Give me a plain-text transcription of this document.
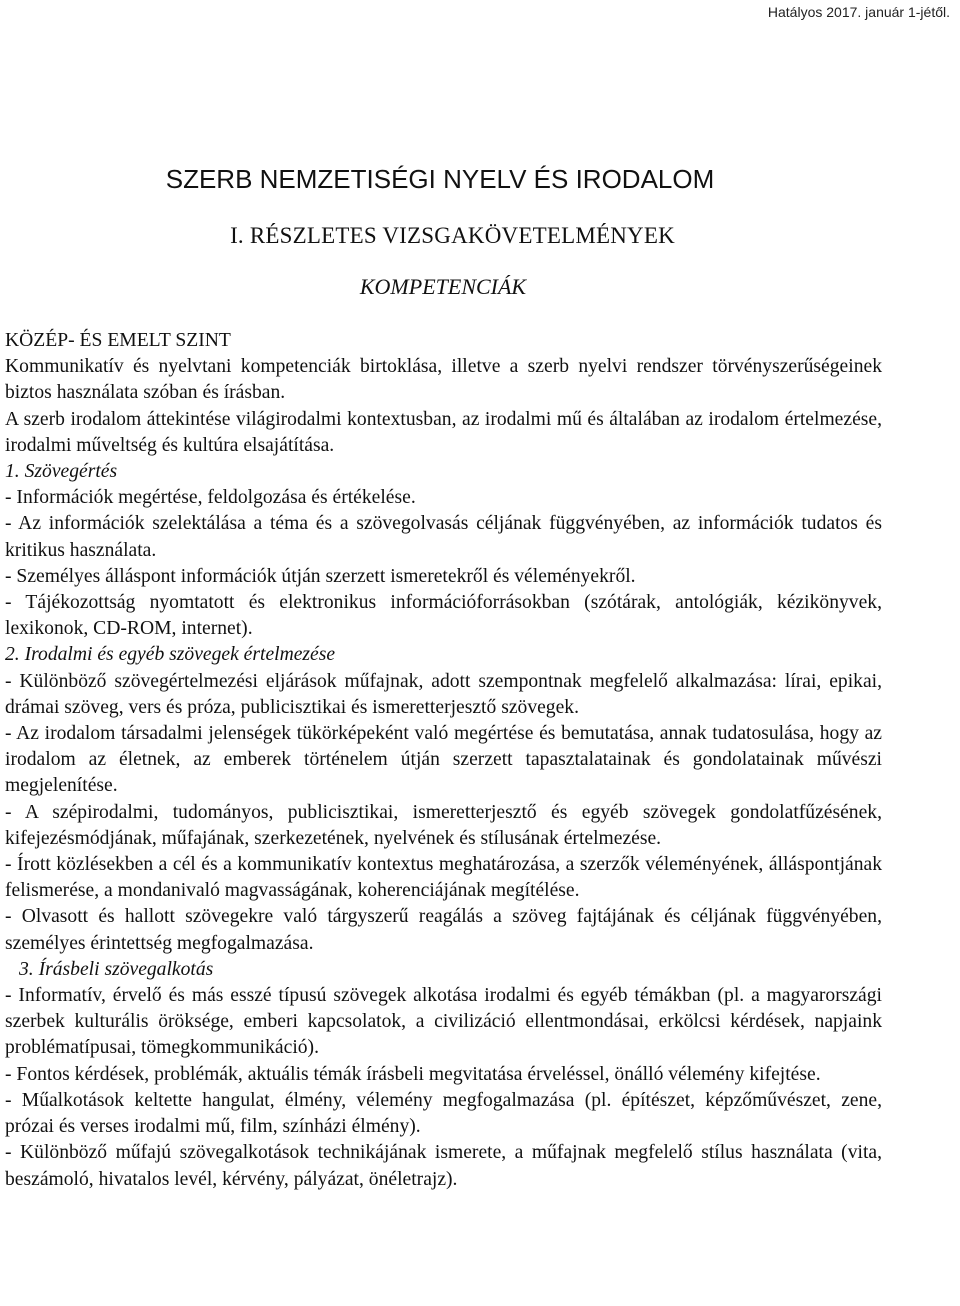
Hatályos 2017. január 1-jétől.
SZERB NEMZETISÉGI NYELV ÉS IRODALOM
I. RÉSZLETES VIZSGAKÖVETELMÉNYEK
KOMPETENCIÁK
KÖZÉP- ÉS EMELT SZINT

Kommunikatív és nyelvtani kompetenciák birtoklása, illetve a szerb nyelvi rendszer törvényszerűségeinek biztos használata szóban és írásban.

A szerb irodalom áttekintése világirodalmi kontextusban, az irodalmi mű és általában az irodalom értelmezése, irodalmi műveltség és kultúra elsajátítása.

1. Szövegértés

- Információk megértése, feldolgozása és értékelése.

- Az információk szelektálása a téma és a szövegolvasás céljának függvényében, az információk tudatos és kritikus használata.

- Személyes álláspont információk útján szerzett ismeretekről és véleményekről.

- Tájékozottság nyomtatott és elektronikus információforrásokban (szótárak, antológiák, kézikönyvek, lexikonok, CD-ROM, internet).

2. Irodalmi és egyéb szövegek értelmezése

- Különböző szövegértelmezési eljárások műfajnak, adott szempontnak megfelelő alkalmazása: lírai, epikai, drámai szöveg, vers és próza, publicisztikai és ismeretterjesztő szövegek.

- Az irodalom társadalmi jelenségek tükörképeként való megértése és bemutatása, annak tudatosulása, hogy az irodalom az életnek, az emberek történelem útján szerzett tapasztalatainak és gondolatainak művészi megjelenítése.

- A szépirodalmi, tudományos, publicisztikai, ismeretterjesztő és egyéb szövegek gondolatfűzésének, kifejezésmódjának, műfajának, szerkezetének, nyelvének és stílusának értelmezése.

- Írott közlésekben a cél és a kommunikatív kontextus meghatározása, a szerzők véleményének, álláspontjának felismerése, a mondanivaló magvasságának, koherenciájának megítélése.

- Olvasott és hallott szövegekre való tárgyszerű reagálás a szöveg fajtájának és céljának függvényében, személyes érintettség megfogalmazása.

3. Írásbeli szövegalkotás

- Informatív, érvelő és más esszé típusú szövegek alkotása irodalmi és egyéb témákban (pl. a magyarországi szerbek kulturális öröksége, emberi kapcsolatok, a civilizáció ellentmondásai, erkölcsi kérdések, napjaink problématípusai, tömegkommunikáció).

- Fontos kérdések, problémák, aktuális témák írásbeli megvitatása érveléssel, önálló vélemény kifejtése.

- Műalkotások keltette hangulat, élmény, vélemény megfogalmazása (pl. építészet, képzőművészet, zene, prózai és verses irodalmi mű, film, színházi élmény).

- Különböző műfajú szövegalkotások technikájának ismerete, a műfajnak megfelelő stílus használata (vita, beszámoló, hivatalos levél, kérvény, pályázat, önéletrajz).
